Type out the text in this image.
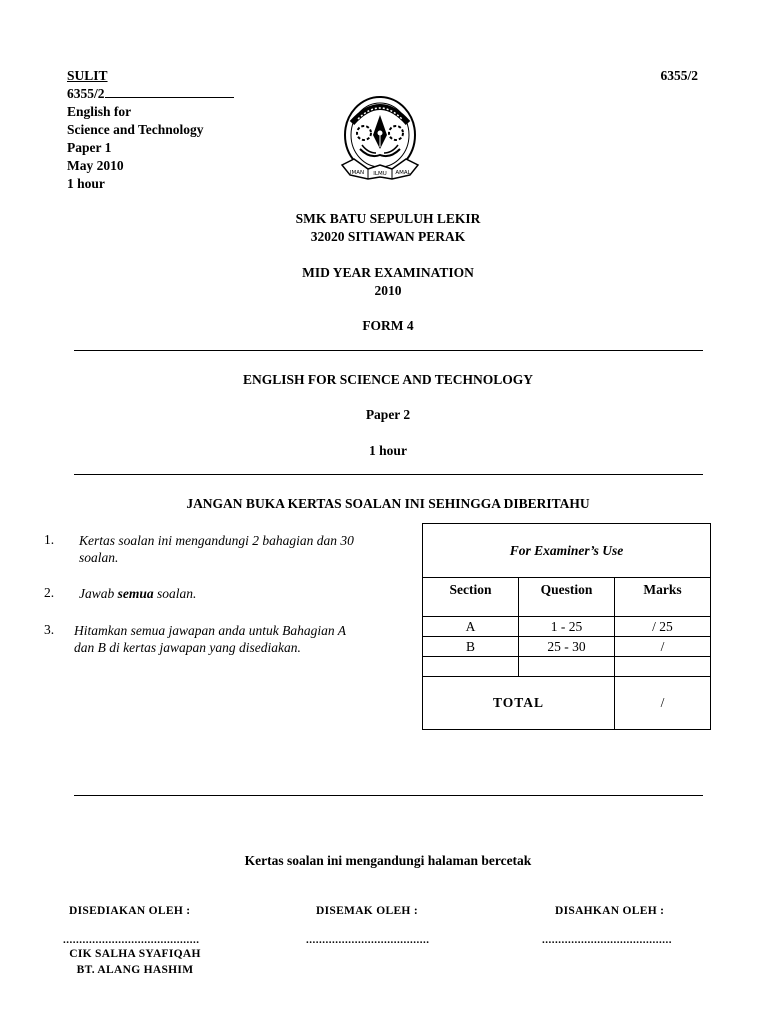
SULIT
6355/2
English for
Science and Technology
Paper 1
May 2010
1 hour
6355/2
IMAN ILMU AMAL
SMK BATU SEPULUH LEKIR
32020 SITIAWAN PERAK
MID YEAR EXAMINATION
2010
FORM 4
ENGLISH FOR SCIENCE AND TECHNOLOGY
Paper 2
1 hour
JANGAN BUKA KERTAS SOALAN INI SEHINGGA DIBERITAHU
1. Kertas soalan ini mengandungi 2 bahagian dan 30
soalan.
2. Jawab semua soalan.
3. Hitamkan semua jawapan anda untuk Bahagian A
dan B di kertas jawapan yang disediakan.
For Examiner’s Use		
Section	Question	Marks
A	1 - 25	/ 25
B	25 - 30	/

TOTAL		/
Kertas soalan ini mengandungi halaman bercetak
DISEDIAKAN OLEH :	DISEMAK OLEH :	DISAHKAN OLEH :
..........................................	......................................	........................................
CIK SALHA SYAFIQAH
BT. ALANG HASHIM
